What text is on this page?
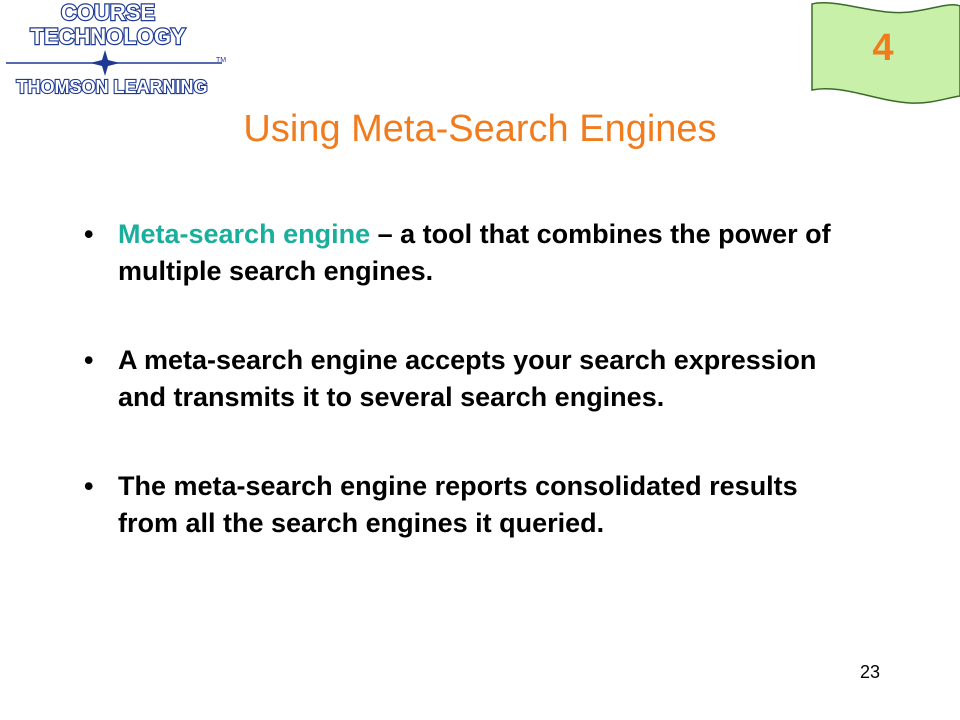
COURSE
TECHNOLOGY
TM
THOMSON LEARNING
4
Using Meta-Search Engines
• Meta-search engine – a tool that combines the power of multiple search engines.
• A meta-search engine accepts your search expression and transmits it to several search engines.
• The meta-search engine reports consolidated results from all the search engines it queried.
23
